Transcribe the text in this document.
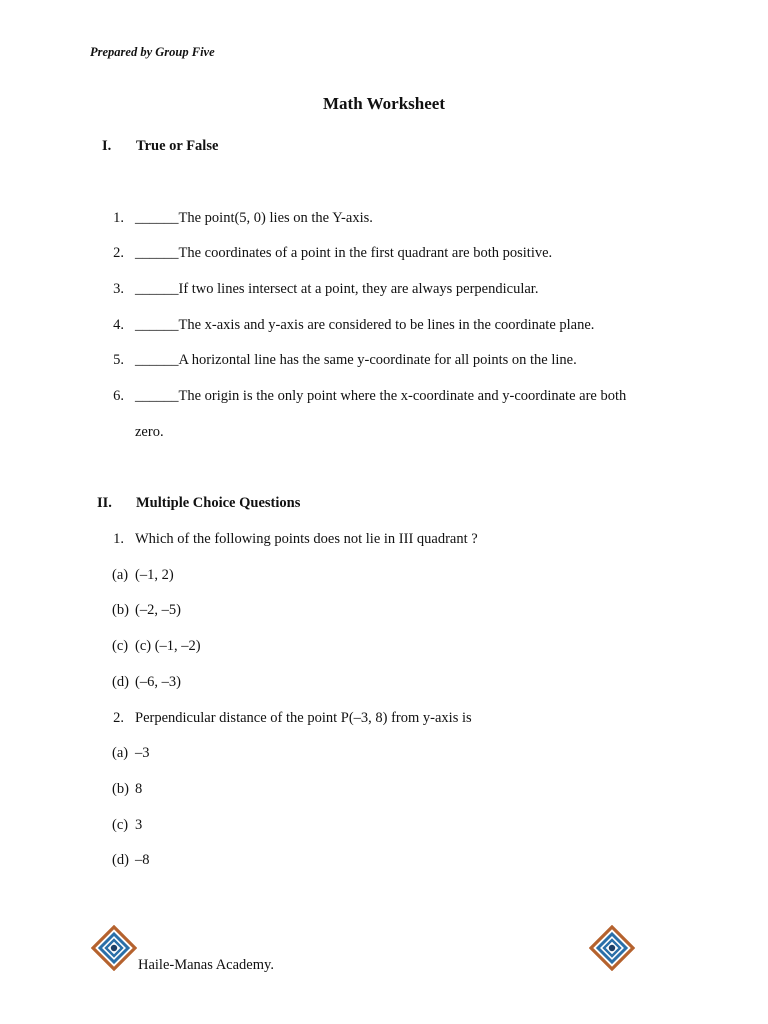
Prepared by Group Five
Math Worksheet
I. True or False
1. ______The point(5, 0) lies on the Y-axis.
2. ______The coordinates of a point in the first quadrant are both positive.
3. ______If two lines intersect at a point, they are always perpendicular.
4. ______The x-axis and y-axis are considered to be lines in the coordinate plane.
5. ______A horizontal line has the same y-coordinate for all points on the line.
6. ______The origin is the only point where the x-coordinate and y-coordinate are both
zero.
II. Multiple Choice Questions
1. Which of the following points does not lie in III quadrant ?
(a) (–1, 2)
(b) (–2, –5)
(c) (c) (–1, –2)
(d) (–6, –3)
2. Perpendicular distance of the point P(–3, 8) from y-axis is
(a) –3
(b) 8
(c) 3
(d) –8
Haile-Manas Academy.
